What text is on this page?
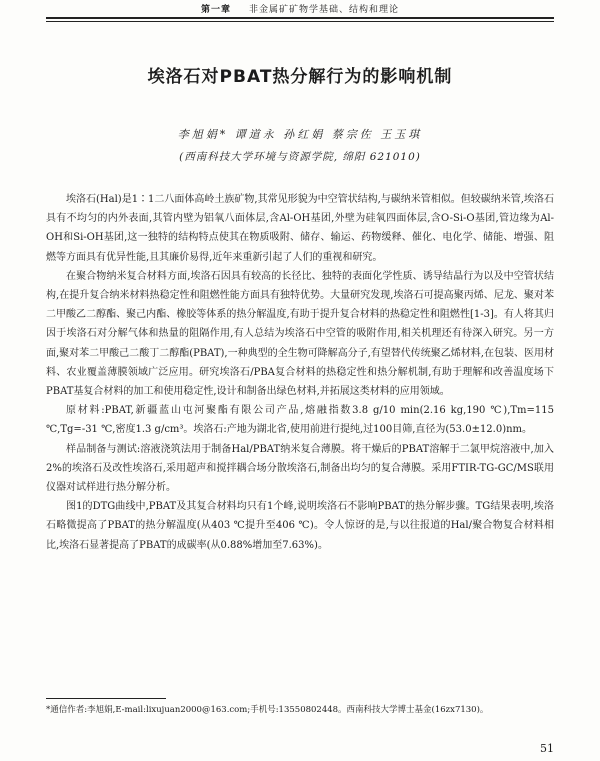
第一章 非金属矿矿物学基础、结构和理论
埃洛石对PBAT热分解行为的影响机制

李旭娟* 谭道永 孙红娟 蔡宗佐 王玉琪

(西南科技大学环境与资源学院, 绵阳 621010)

埃洛石(Hal)是1∶1二八面体高岭土族矿物,其常见形貌为中空管状结构,与碳纳米管相似。但较碳纳米管,埃洛石具有不均匀的内外表面,其管内壁为铝氧八面体层,含Al-OH基团,外壁为硅氧四面体层,含O-Si-O基团,管边缘为Al-OH和Si-OH基团,这一独特的结构特点使其在物质吸附、储存、输运、药物缓释、催化、电化学、储能、增强、阻燃等方面具有优异性能,且其廉价易得,近年来重新引起了人们的重视和研究。

在聚合物纳米复合材料方面,埃洛石因具有较高的长径比、独特的表面化学性质、诱导结晶行为以及中空管状结构,在提升复合纳米材料热稳定性和阻燃性能方面具有独特优势。大量研究发现,埃洛石可提高聚丙烯、尼龙、聚对苯二甲酸乙二醇酯、聚己内酯、橡胶等体系的热分解温度,有助于提升复合材料的热稳定性和阻燃性[1-3]。有人将其归因于埃洛石对分解气体和热量的阻隔作用,有人总结为埃洛石中空管的吸附作用,相关机理还有待深入研究。另一方面,聚对苯二甲酸己二酸丁二醇酯(PBAT),一种典型的全生物可降解高分子,有望替代传统聚乙烯材料,在包装、医用材料、农业覆盖薄膜领域广泛应用。研究埃洛石/PBA复合材料的热稳定性和热分解机制,有助于理解和改善温度场下PBAT基复合材料的加工和使用稳定性,设计和制备出绿色材料,并拓展这类材料的应用领域。

原材料:PBAT,新疆蓝山屯河聚酯有限公司产品,熔融指数3.8 g/10 min(2.16 kg,190 ℃),Tm=115 ℃,Tg=-31 ℃,密度1.3 g/cm³。埃洛石:产地为湖北省,使用前进行提纯,过100目筛,直径为(53.0±12.0)nm。

样品制备与测试:溶液浇筑法用于制备Hal/PBAT纳米复合薄膜。将干燥后的PBAT溶解于二氯甲烷溶液中,加入2%的埃洛石及改性埃洛石,采用超声和搅拌耦合场分散埃洛石,制备出均匀的复合薄膜。采用FTIR-TG-GC/MS联用仪器对试样进行热分解分析。

图1的DTG曲线中,PBAT及其复合材料均只有1个峰,说明埃洛石不影响PBAT的热分解步骤。TG结果表明,埃洛石略微提高了PBAT的热分解温度(从403 ℃提升至406 ℃)。令人惊讶的是,与以往报道的Hal/聚合物复合材料相比,埃洛石显著提高了PBAT的成碳率(从0.88%增加至7.63%)。

*通信作者:李旭娟,E-mail:lixujuan2000@163.com;手机号:13550802448。西南科技大学博士基金(16zx7130)。

51
